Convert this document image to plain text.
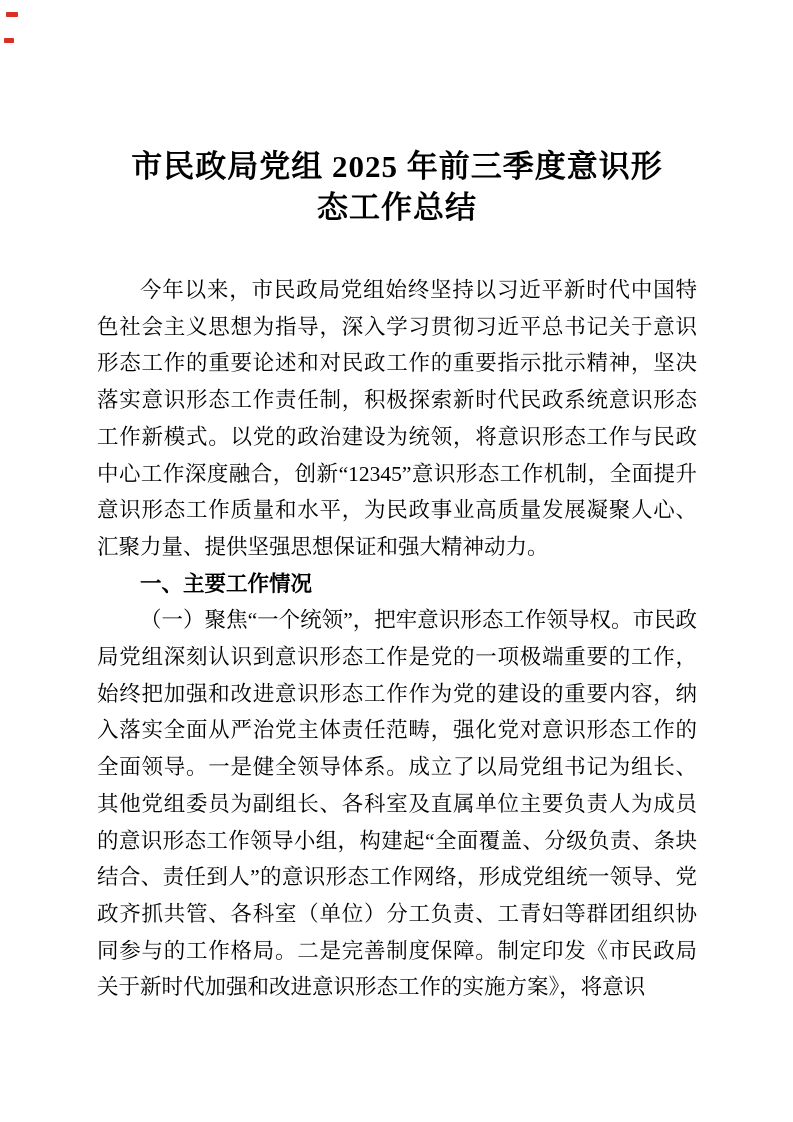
市民政局党组 2025 年前三季度意识形
态工作总结

今年以来，市民政局党组始终坚持以习近平新时代中国特色社会主义思想为指导，深入学习贯彻习近平总书记关于意识形态工作的重要论述和对民政工作的重要指示批示精神，坚决落实意识形态工作责任制，积极探索新时代民政系统意识形态工作新模式。以党的政治建设为统领，将意识形态工作与民政中心工作深度融合，创新“12345”意识形态工作机制，全面提升意识形态工作质量和水平，为民政事业高质量发展凝聚人心、汇聚力量、提供坚强思想保证和强大精神动力。

一、主要工作情况

（一）聚焦“一个统领”，把牢意识形态工作领导权。市民政局党组深刻认识到意识形态工作是党的一项极端重要的工作，始终把加强和改进意识形态工作作为党的建设的重要内容，纳入落实全面从严治党主体责任范畴，强化党对意识形态工作的全面领导。一是健全领导体系。成立了以局党组书记为组长、其他党组委员为副组长、各科室及直属单位主要负责人为成员的意识形态工作领导小组，构建起“全面覆盖、分级负责、条块结合、责任到人”的意识形态工作网络，形成党组统一领导、党政齐抓共管、各科室（单位）分工负责、工青妇等群团组织协同参与的工作格局。二是完善制度保障。制定印发《市民政局关于新时代加强和改进意识形态工作的实施方案》，将意识
